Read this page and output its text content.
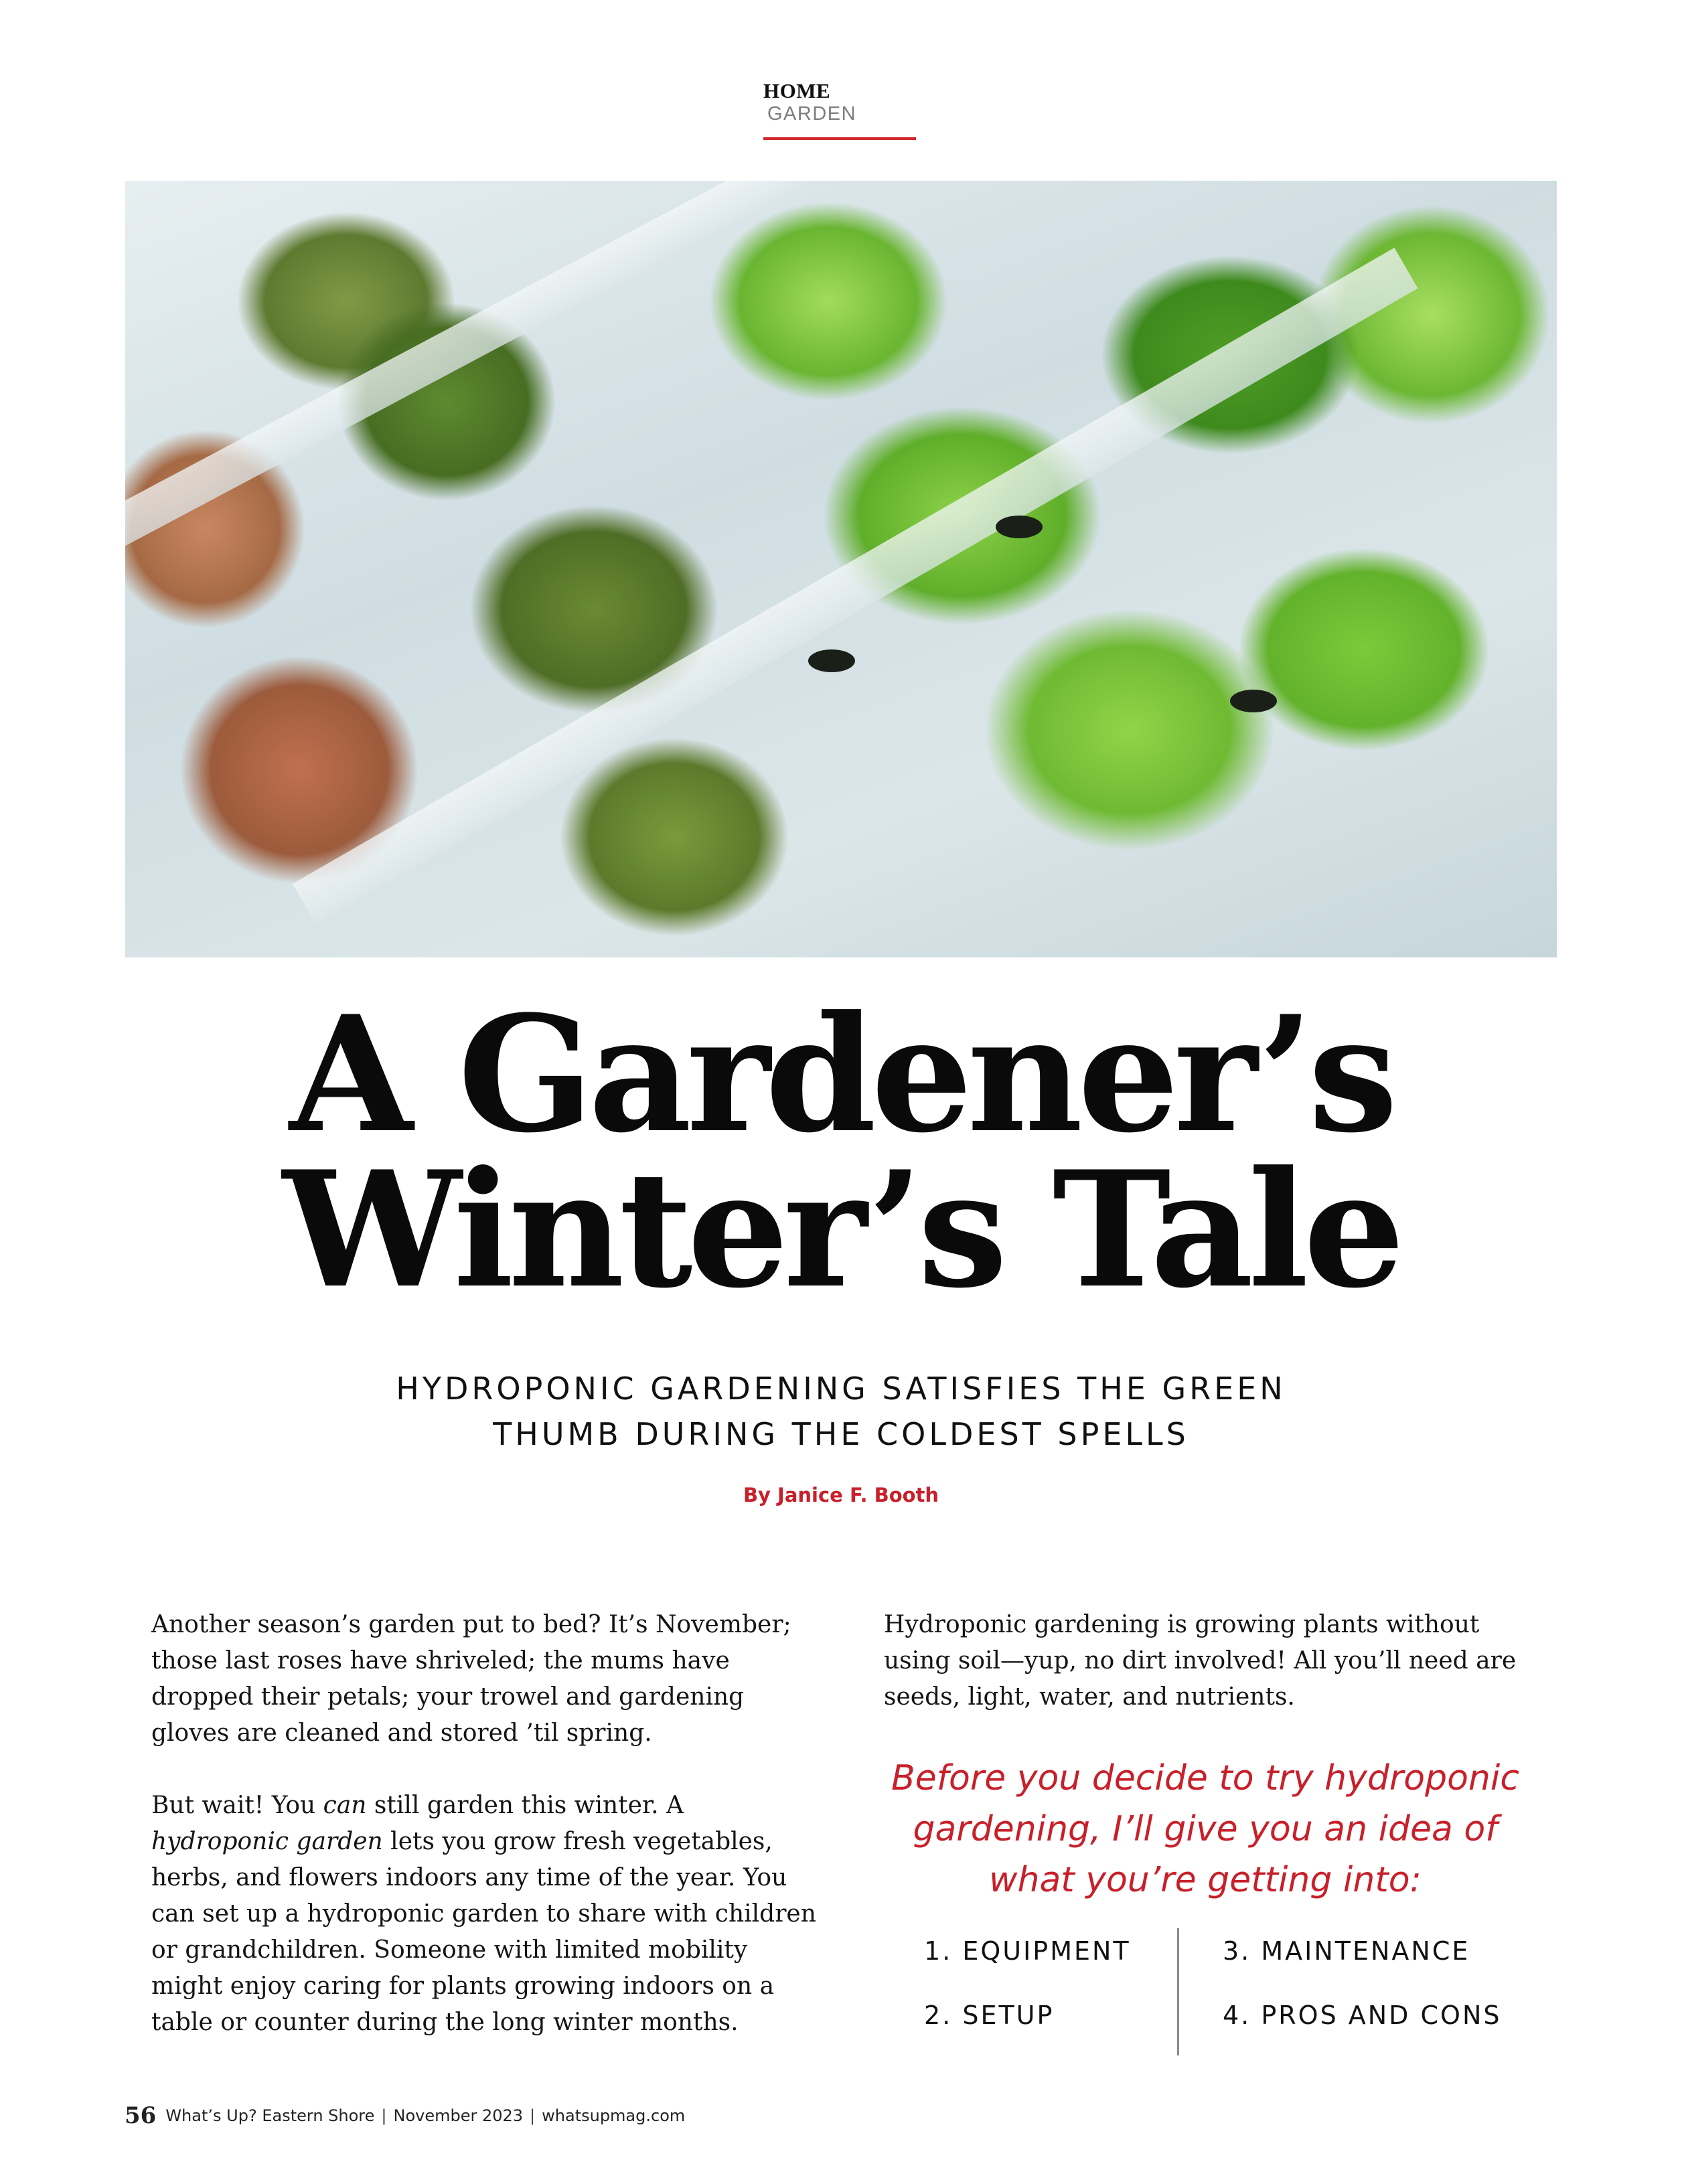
HOME GARDEN
A Gardener’s
Winter’s Tale
HYDROPONIC GARDENING SATISFIES THE GREEN
THUMB DURING THE COLDEST SPELLS
By Janice F. Booth

Another season’s garden put to bed? It’s November; those last roses have shriveled; the mums have dropped their petals; your trowel and gardening gloves are cleaned and stored ’til spring.

But wait! You can still garden this winter. A hydroponic garden lets you grow fresh vegetables, herbs, and flowers indoors any time of the year. You can set up a hydroponic garden to share with children or grandchildren. Someone with limited mobility might enjoy caring for plants growing indoors on a table or counter during the long winter months.

Hydroponic gardening is growing plants without using soil—yup, no dirt involved! All you’ll need are seeds, light, water, and nutrients.

Before you decide to try hydroponic gardening, I’ll give you an idea of what you’re getting into:
1. EQUIPMENT
2. SETUP
3. MAINTENANCE
4. PROS AND CONS
56 What’s Up? Eastern Shore | November 2023 | whatsupmag.com
